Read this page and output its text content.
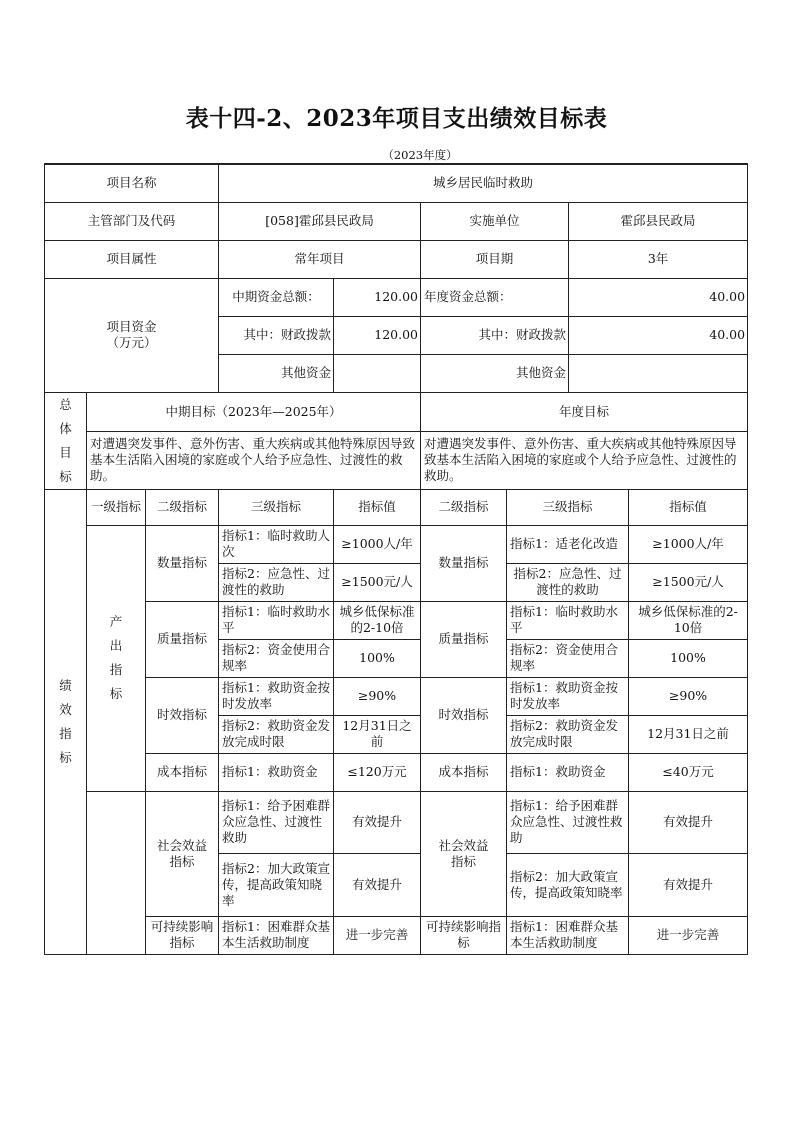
表十四-2、2023年项目支出绩效目标表
（2023年度）
项目名称			城乡居民临时救助					
主管部门及代码			[058]霍邱县民政局		实施单位		霍邱县民政局	
项目属性			常年项目		项目期		3年	
项目资金
（万元）			中期资金总额：	120.00	年度资金总额：		40.00	
			其中：财政拨款	120.00	其中：财政拨款		40.00	
			其他资金		其他资金			
总体目标	中期目标（2023年—2025年）				年度目标			
	对遭遇突发事件、意外伤害、重大疾病或其他特殊原因导致基本生活陷入困境的家庭或个人给予应急性、过渡性的救助。				对遭遇突发事件、意外伤害、重大疾病或其他特殊原因导致基本生活陷入困境的家庭或个人给予应急性、过渡性的救助。			
绩效指标	一级指标	二级指标	三级指标	指标值	二级指标	三级指标		指标值
	产出指标	数量指标	指标1：临时救助人次	≥1000人/年	数量指标	指标1：适老化改造		≥1000人/年
			指标2：应急性、过渡性的救助	≥1500元/人		指标2：应急性、过渡性的救助		≥1500元/人
		质量指标	指标1：临时救助水平	城乡低保标准的2-10倍	质量指标	指标1：临时救助水平		城乡低保标准的2-10倍
			指标2：资金使用合规率	100%		指标2：资金使用合规率		100%
		时效指标	指标1：救助资金按时发放率	≥90%	时效指标	指标1：救助资金按时发放率		≥90%
			指标2：救助资金发放完成时限	12月31日之前		指标2：救助资金发放完成时限		12月31日之前
		成本指标	指标1：救助资金	≤120万元	成本指标	指标1：救助资金		≤40万元
		社会效益指标	指标1：给予困难群众应急性、过渡性救助	有效提升	社会效益指标	指标1：给予困难群众应急性、过渡性救助		有效提升
			指标2：加大政策宣传，提高政策知晓率	有效提升		指标2：加大政策宣传，提高政策知晓率		有效提升
		可持续影响指标	指标1：困难群众基本生活救助制度	进一步完善	可持续影响指标	指标1：困难群众基本生活救助制度		进一步完善
